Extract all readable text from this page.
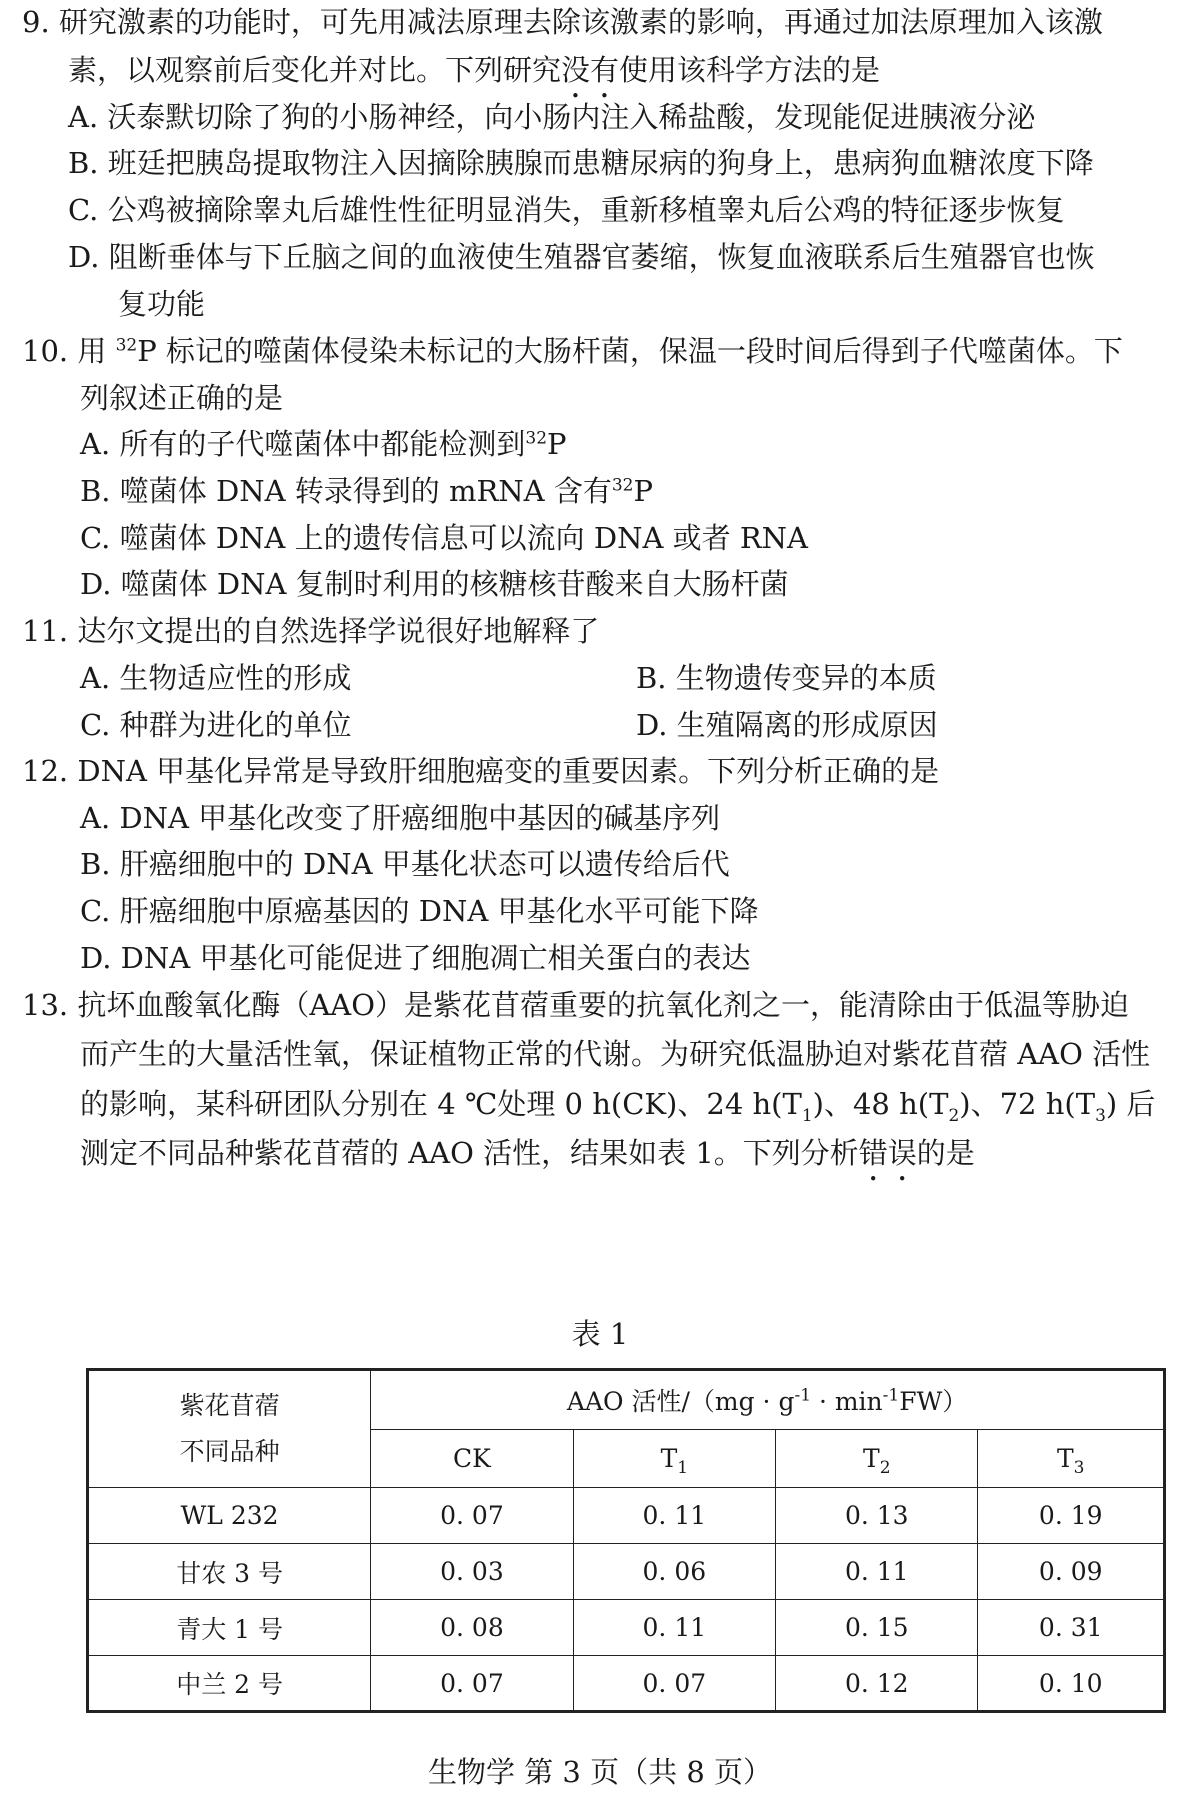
9. 研究激素的功能时，可先用减法原理去除该激素的影响，再通过加法原理加入该激
素，以观察前后变化并对比。下列研究没有使用该科学方法的是
A. 沃泰默切除了狗的小肠神经，向小肠内注入稀盐酸，发现能促进胰液分泌
B. 班廷把胰岛提取物注入因摘除胰腺而患糖尿病的狗身上，患病狗血糖浓度下降
C. 公鸡被摘除睾丸后雄性性征明显消失，重新移植睾丸后公鸡的特征逐步恢复
D. 阻断垂体与下丘脑之间的血液使生殖器官萎缩，恢复血液联系后生殖器官也恢
复功能
10. 用 $^{32}$P 标记的噬菌体侵染未标记的大肠杆菌，保温一段时间后得到子代噬菌体。下
列叙述正确的是
A. 所有的子代噬菌体中都能检测到$^{32}$P
B. 噬菌体 DNA 转录得到的 mRNA 含有$^{32}$P
C. 噬菌体 DNA 上的遗传信息可以流向 DNA 或者 RNA
D. 噬菌体 DNA 复制时利用的核糖核苷酸来自大肠杆菌
11. 达尔文提出的自然选择学说很好地解释了
A. 生物适应性的形成	B. 生物遗传变异的本质
C. 种群为进化的单位	D. 生殖隔离的形成原因
12. DNA 甲基化异常是导致肝细胞癌变的重要因素。下列分析正确的是
A. DNA 甲基化改变了肝癌细胞中基因的碱基序列
B. 肝癌细胞中的 DNA 甲基化状态可以遗传给后代
C. 肝癌细胞中原癌基因的 DNA 甲基化水平可能下降
D. DNA 甲基化可能促进了细胞凋亡相关蛋白的表达
13. 抗坏血酸氧化酶（AAO）是紫花苜蓿重要的抗氧化剂之一，能清除由于低温等胁迫
而产生的大量活性氧，保证植物正常的代谢。为研究低温胁迫对紫花苜蓿 AAO 活性
的影响，某科研团队分别在 4 ℃处理 0 h(CK)、24 $h(T_1)$、48 $h(T_2)$、72 $h(T_3)$ 后
测定不同品种紫花苜蓿的 AAO 活性，结果如表 1。下列分析错误的是
表 1
紫花苜蓿
不同品种	AAO 活性$/(mg \cdot g^{-1} \cdot \min^{-1}FW)$			
	CK	$T_1$	$T_2$	$T_3$
WL 232	0. 07	0. 11	0. 13	0. 19
甘农 3 号	0. 03	0. 06	0. 11	0. 09
青大 1 号	0. 08	0. 11	0. 15	0. 31
中兰 2 号	0. 07	0. 07	0. 12	0. 10
生物学 第 3 页（共 8 页）
